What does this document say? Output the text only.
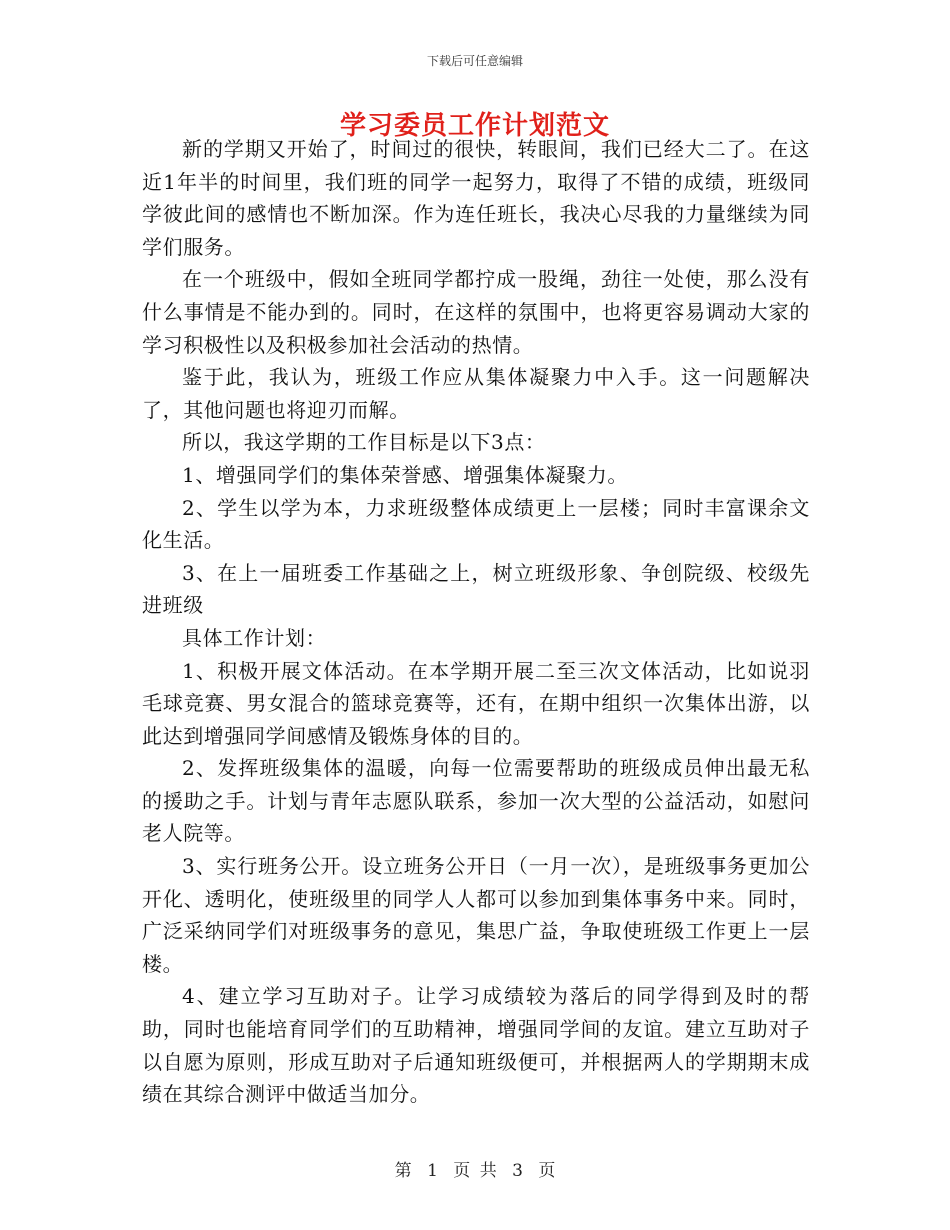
下载后可任意编辑
学习委员工作计划范文

新的学期又开始了，时间过的很快，转眼间，我们已经大二了。在这近1年半的时间里，我们班的同学一起努力，取得了不错的成绩，班级同学彼此间的感情也不断加深。作为连任班长，我决心尽我的力量继续为同学们服务。

在一个班级中，假如全班同学都拧成一股绳，劲往一处使，那么没有什么事情是不能办到的。同时，在这样的氛围中，也将更容易调动大家的学习积极性以及积极参加社会活动的热情。

鉴于此，我认为，班级工作应从集体凝聚力中入手。这一问题解决了，其他问题也将迎刃而解。

所以，我这学期的工作目标是以下3点：

1、增强同学们的集体荣誉感、增强集体凝聚力。

2、学生以学为本，力求班级整体成绩更上一层楼；同时丰富课余文化生活。

3、在上一届班委工作基础之上，树立班级形象、争创院级、校级先进班级

具体工作计划：

1、积极开展文体活动。在本学期开展二至三次文体活动，比如说羽毛球竞赛、男女混合的篮球竞赛等，还有，在期中组织一次集体出游，以此达到增强同学间感情及锻炼身体的目的。

2、发挥班级集体的温暖，向每一位需要帮助的班级成员伸出最无私的援助之手。计划与青年志愿队联系，参加一次大型的公益活动，如慰问老人院等。

3、实行班务公开。设立班务公开日（一月一次），是班级事务更加公开化、透明化，使班级里的同学人人都可以参加到集体事务中来。同时，广泛采纳同学们对班级事务的意见，集思广益，争取使班级工作更上一层楼。

4、建立学习互助对子。让学习成绩较为落后的同学得到及时的帮助，同时也能培育同学们的互助精神，增强同学间的友谊。建立互助对子以自愿为原则，形成互助对子后通知班级便可，并根据两人的学期期末成绩在其综合测评中做适当加分。

第 1 页 共 3 页
